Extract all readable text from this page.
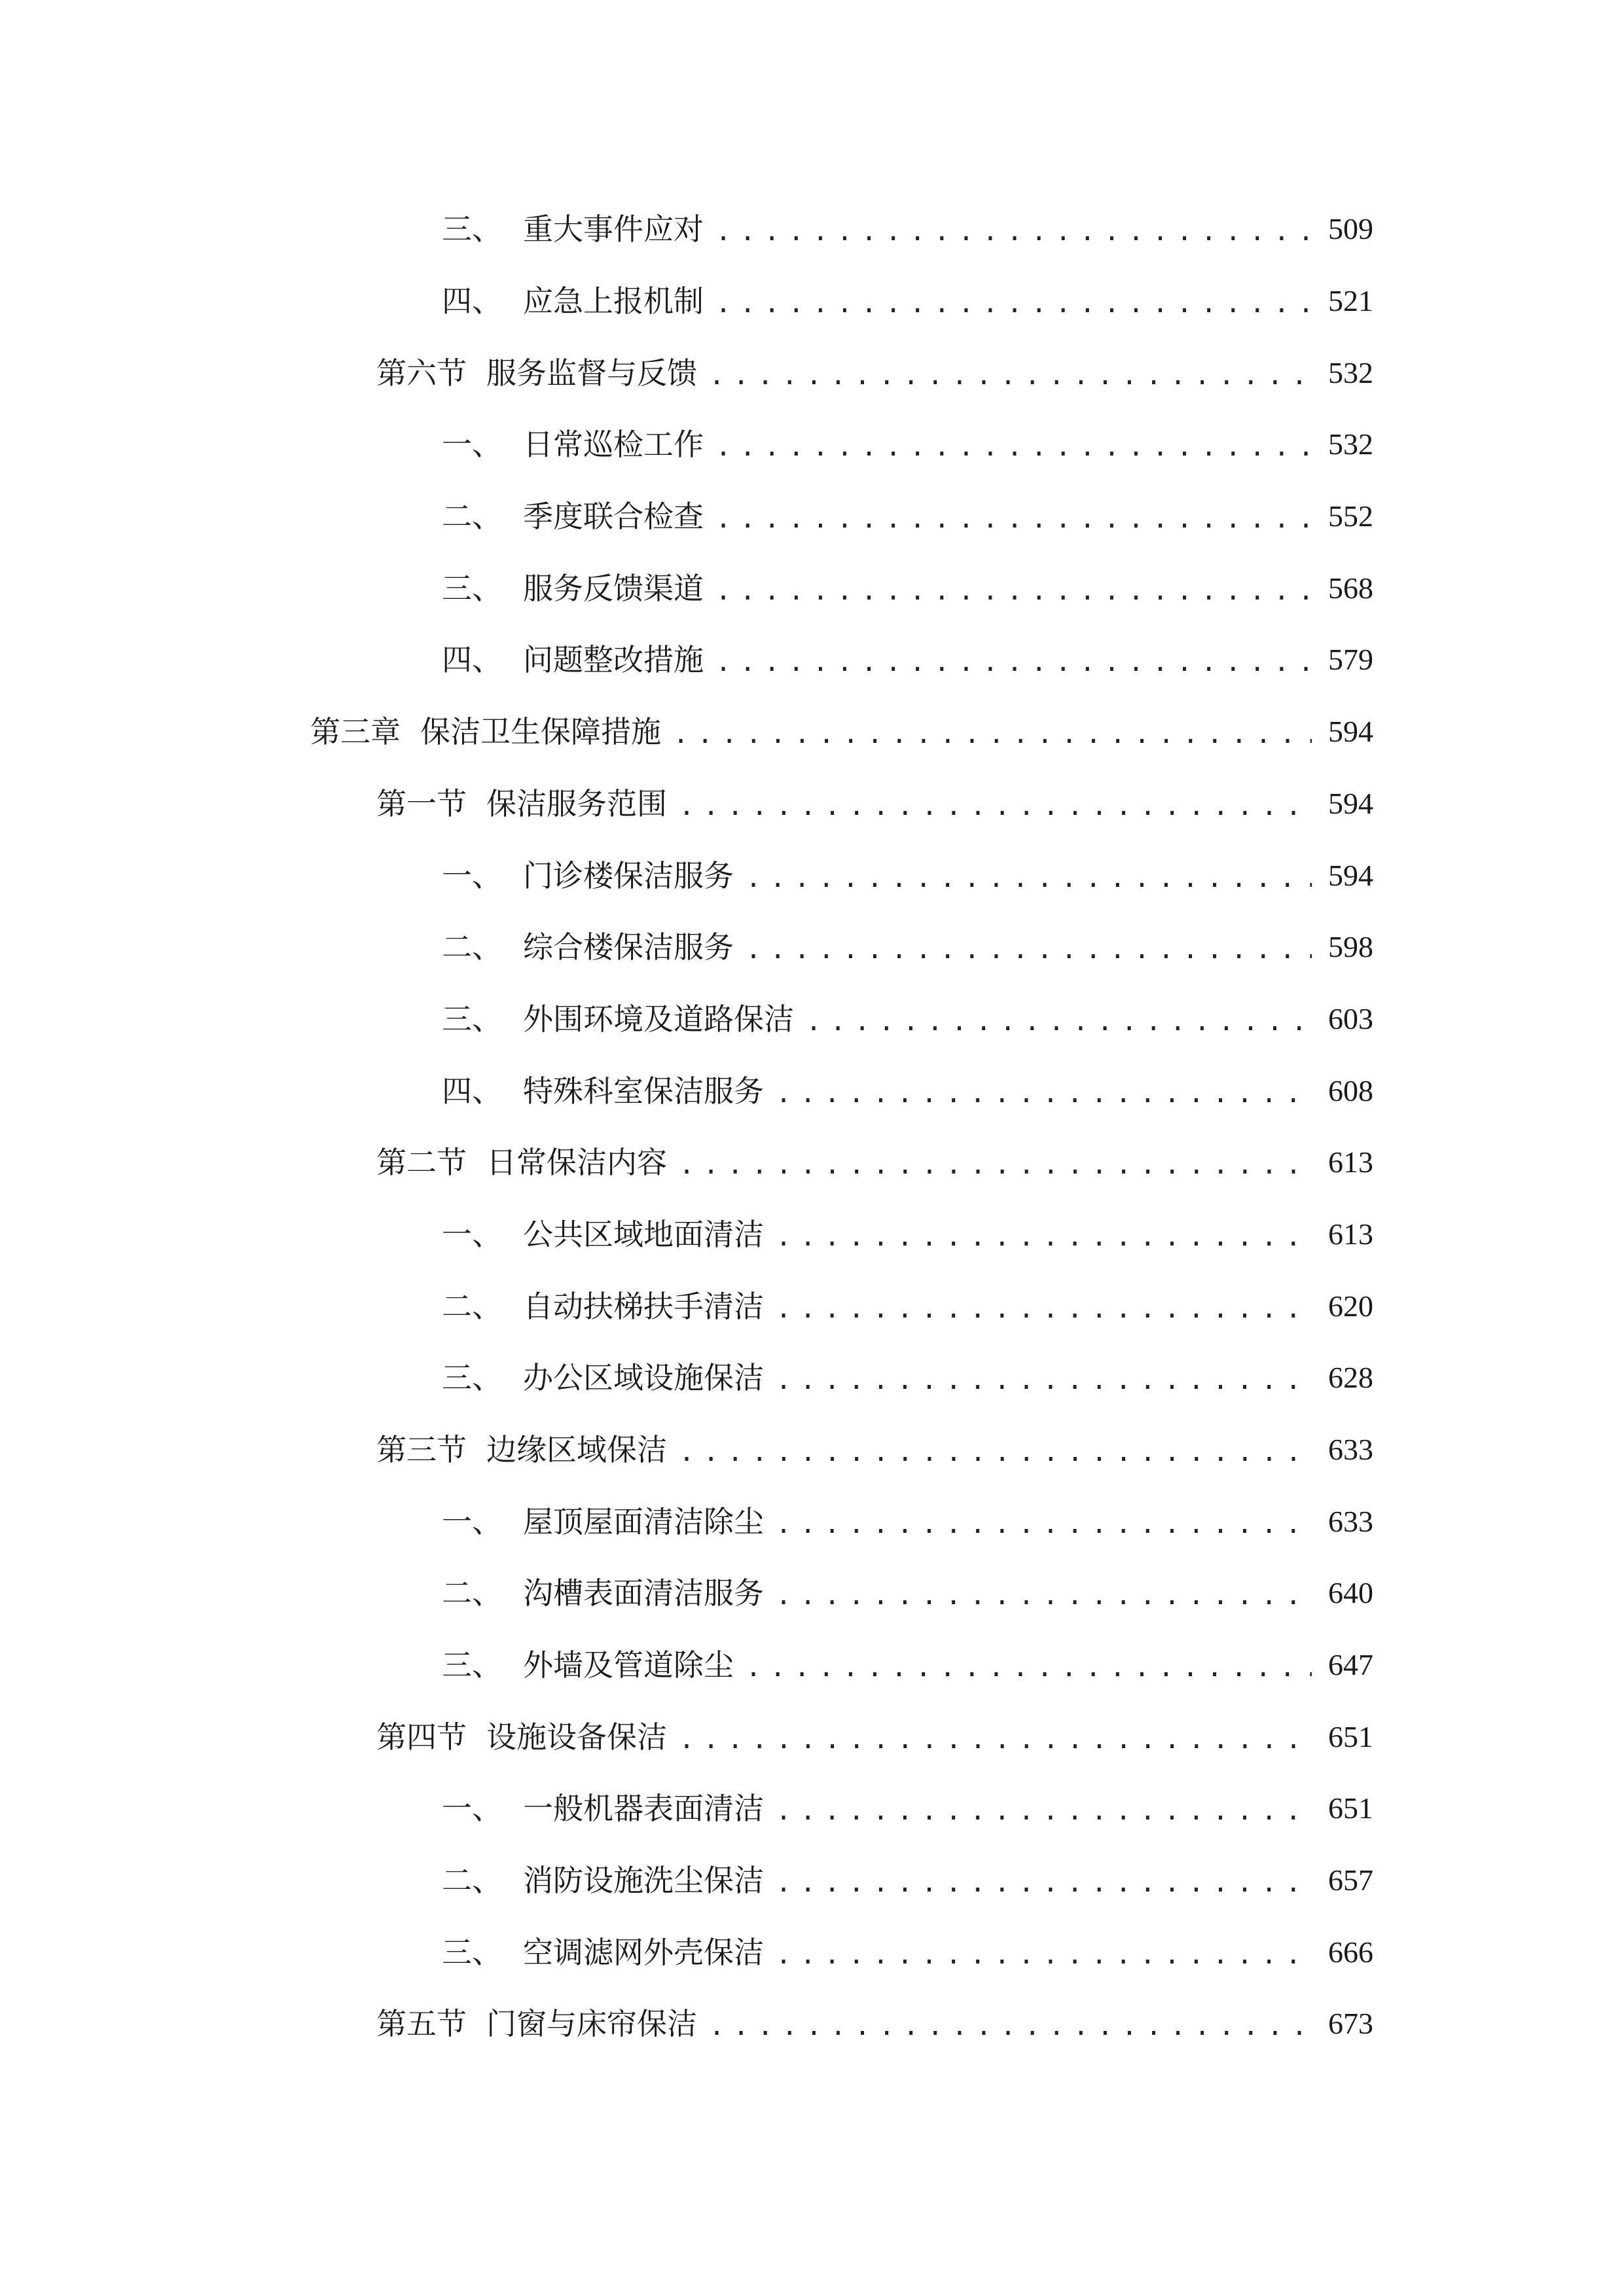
三、 重大事件应对 .....	509
四、 应急上报机制 .....	521
第六节 服务监督与反馈 .....	532
一、 日常巡检工作 .....	532
二、 季度联合检查 .....	552
三、 服务反馈渠道 .....	568
四、 问题整改措施 .....	579
第三章 保洁卫生保障措施 .....	594
第一节 保洁服务范围 .....	594
一、 门诊楼保洁服务 .....	594
二、 综合楼保洁服务 .....	598
三、 外围环境及道路保洁 .....	603
四、 特殊科室保洁服务 .....	608
第二节 日常保洁内容 .....	613
一、 公共区域地面清洁 .....	613
二、 自动扶梯扶手清洁 .....	620
三、 办公区域设施保洁 .....	628
第三节 边缘区域保洁 .....	633
一、 屋顶屋面清洁除尘 .....	633
二、 沟槽表面清洁服务 .....	640
三、 外墙及管道除尘 .....	647
第四节 设施设备保洁 .....	651
一、 一般机器表面清洁 .....	651
二、 消防设施洗尘保洁 .....	657
三、 空调滤网外壳保洁 .....	666
第五节 门窗与床帘保洁 .....	673
